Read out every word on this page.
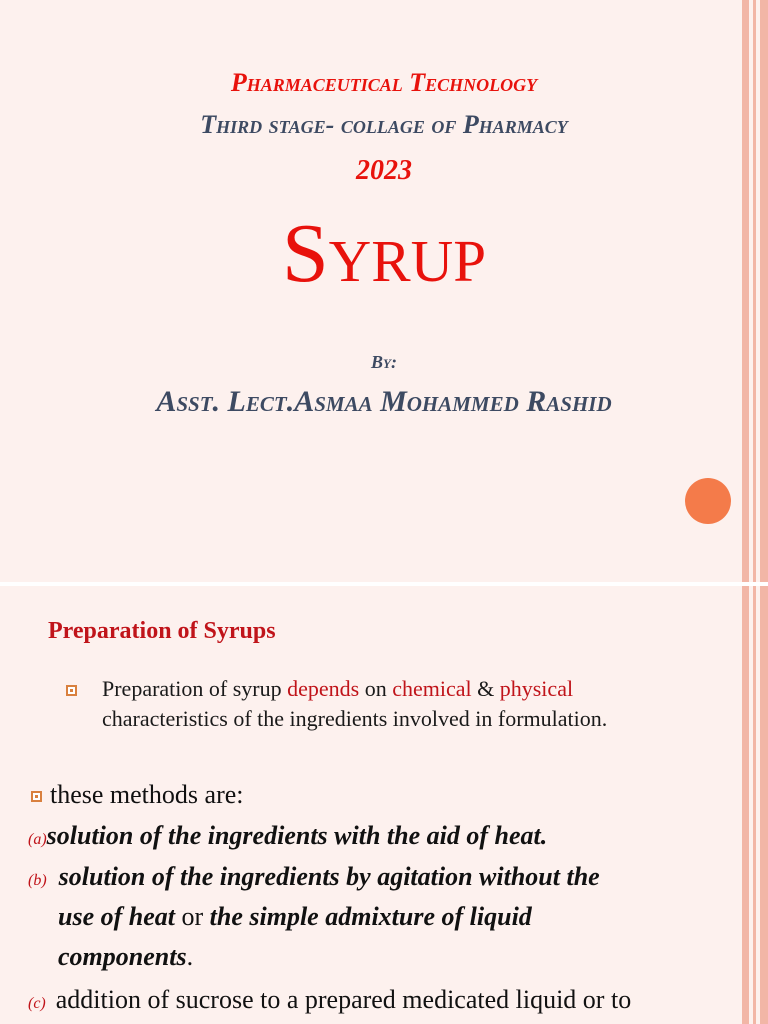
Pharmaceutical Technology
Third stage- collage of Pharmacy
2023
Syrup
By:
Asst. Lect.Asmaa Mohammed Rashid
Preparation of Syrups
Preparation of syrup depends on chemical & physical characteristics of the ingredients involved in formulation.
these methods are:
(a)solution of the ingredients with the aid of heat.
(b) solution of the ingredients by agitation without the
use of heat or the simple admixture of liquid
components.
(c) addition of sucrose to a prepared medicated liquid or to
